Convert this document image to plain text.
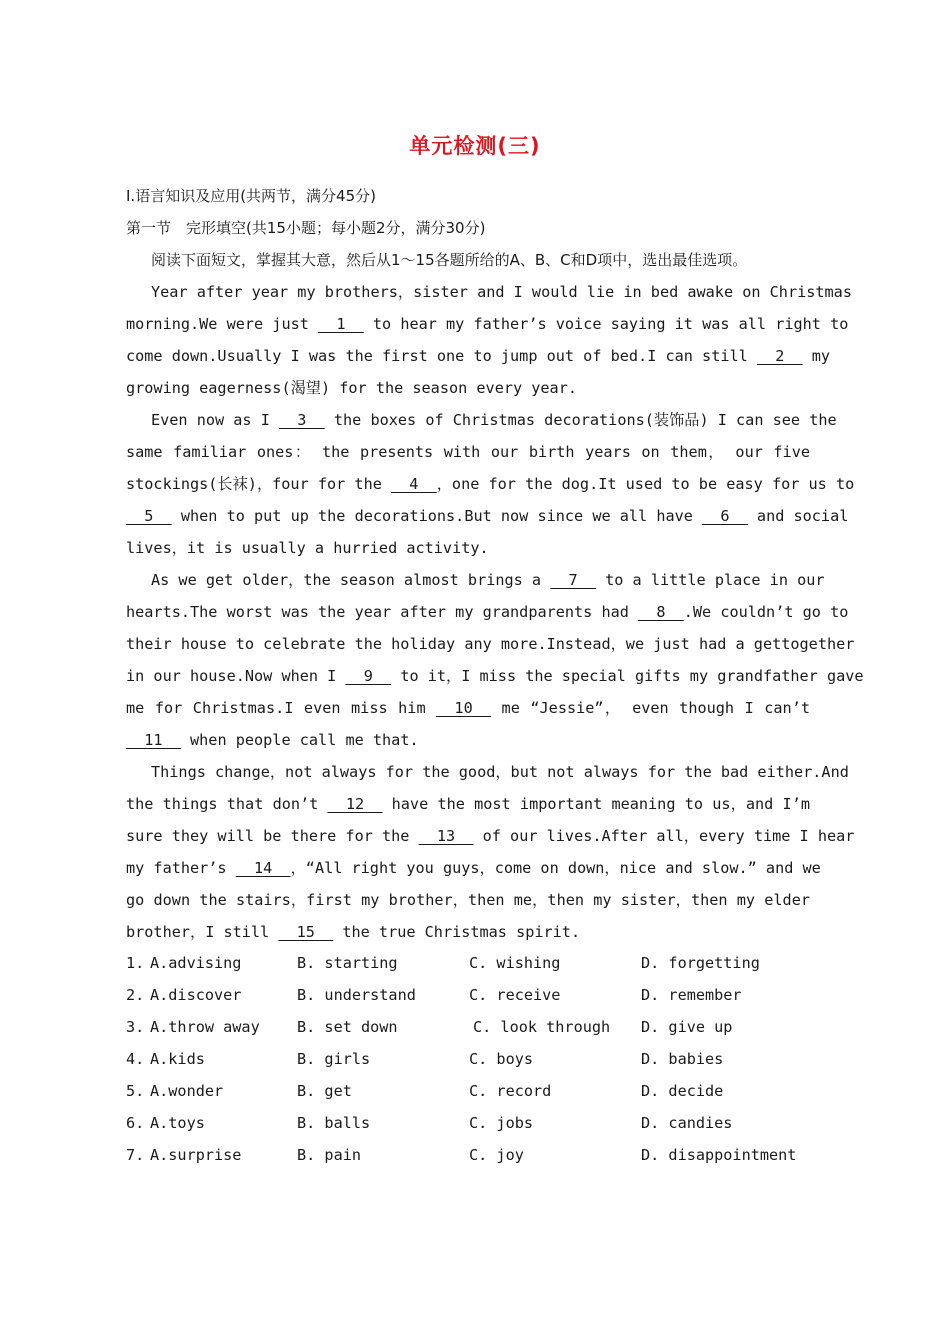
单元检测(三)
Ⅰ.语言知识及应用(共两节，满分45分)
第一节　完形填空(共15小题；每小题2分，满分30分)
阅读下面短文，掌握其大意，然后从1～15各题所给的A、B、C和D项中，选出最佳选项。
Year after year my brothers，sister and I would lie in bed awake on Christmas
morning.We were just   1   to hear my father’s voice saying it was all right to
come down.Usually I was the first one to jump out of bed.I can still   2   my
growing eagerness(渴望) for the season every year.
Even now as I   3   the boxes of Christmas decorations(装饰品) I can see the
same familiar ones： the presents with our birth years on them， our five
stockings(长袜)，four for the   4  ，one for the dog.It used to be easy for us to
5   when to put up the decorations.But now since we all have   6   and social
lives，it is usually a hurried activity.
As we get older，the season almost brings a   7   to a little place in our
hearts.The worst was the year after my grandparents had   8  .We couldn’t go to
their house to celebrate the holiday any more.Instead，we just had a gettogether
in our house.Now when I   9   to it，I miss the special gifts my grandfather gave
me for Christmas.I even miss him   10   me “Jessie”， even though I can’t
11   when people call me that.
Things change，not always for the good，but not always for the bad either.And
the things that don’t   12   have the most important meaning to us，and I’m
sure they will be there for the   13   of our lives.After all，every time I hear
my father’s   14  ，“All right you guys，come on down，nice and slow.” and we
go down the stairs，first my brother，then me，then my sister，then my elder
brother，I still   15   the true Christmas spirit.
1. A.advising	B. starting	C. wishing	D. forgetting
2. A.discover	B. understand	C. receive	D. remember
3. A.throw away B. set down	C. look through D. give up
4. A.kids	B. girls	C. boys	D. babies
5. A.wonder	B. get	C. record	D. decide
6. A.toys	B. balls	C. jobs	D. candies
7. A.surprise	B. pain	C. joy	D. disappointment
